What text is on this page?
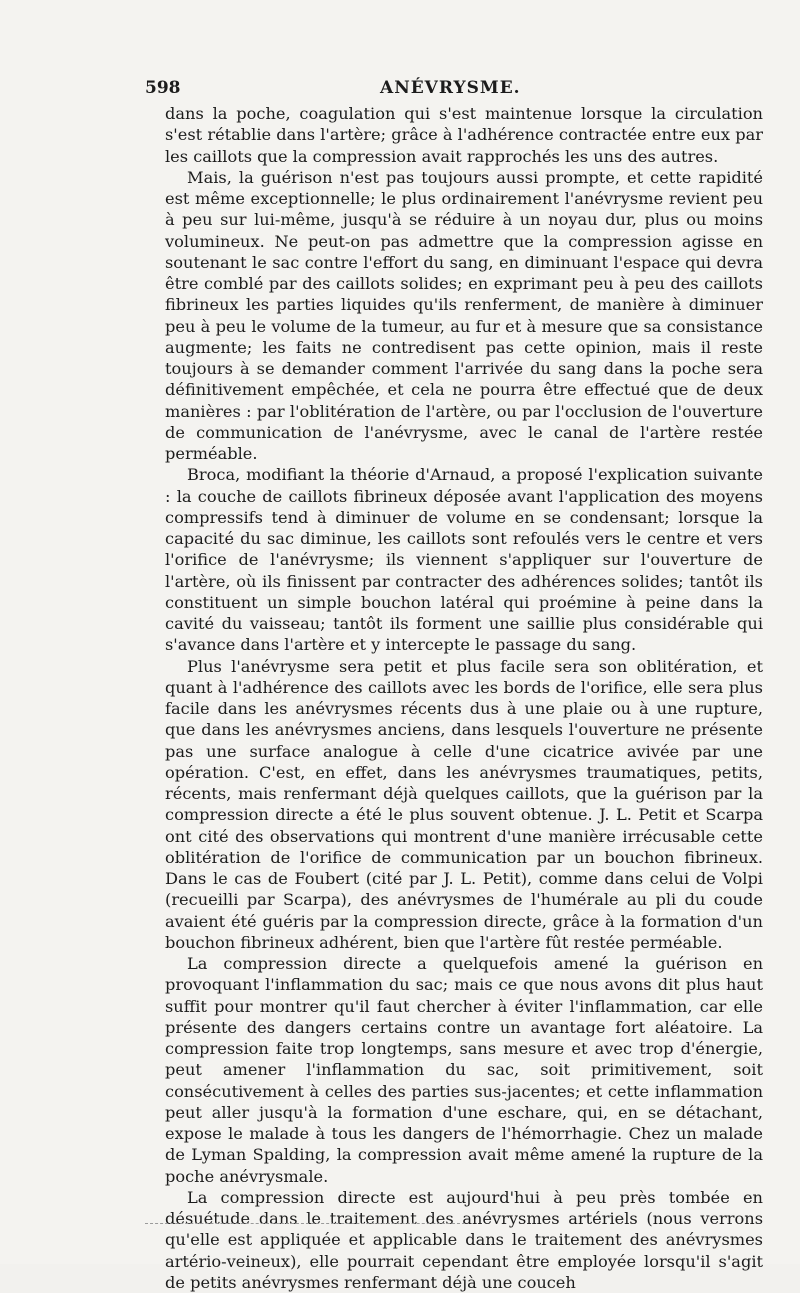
598	ANÉVRYSME.

dans la poche, coagulation qui s'est maintenue lorsque la circulation s'est rétablie dans l'artère; grâce à l'adhérence contractée entre eux par les caillots que la compression avait rapprochés les uns des autres.

Mais, la guérison n'est pas toujours aussi prompte, et cette rapidité est même exceptionnelle; le plus ordinairement l'anévrysme revient peu à peu sur lui-même, jusqu'à se réduire à un noyau dur, plus ou moins volumineux. Ne peut-on pas admettre que la compression agisse en soutenant le sac contre l'effort du sang, en diminuant l'espace qui devra être comblé par des caillots solides; en exprimant peu à peu des caillots fibrineux les parties liquides qu'ils renferment, de manière à diminuer peu à peu le volume de la tumeur, au fur et à mesure que sa consistance augmente; les faits ne contredisent pas cette opinion, mais il reste toujours à se demander comment l'arrivée du sang dans la poche sera définitivement empêchée, et cela ne pourra être effectué que de deux manières : par l'oblitération de l'artère, ou par l'occlusion de l'ouverture de communication de l'anévrysme, avec le canal de l'artère restée perméable.

Broca, modifiant la théorie d'Arnaud, a proposé l'explication suivante : la couche de caillots fibrineux déposée avant l'application des moyens compressifs tend à diminuer de volume en se condensant; lorsque la capacité du sac diminue, les caillots sont refoulés vers le centre et vers l'orifice de l'anévrysme; ils viennent s'appliquer sur l'ouverture de l'artère, où ils finissent par contracter des adhérences solides; tantôt ils constituent un simple bouchon latéral qui proémine à peine dans la cavité du vaisseau; tantôt ils forment une saillie plus considérable qui s'avance dans l'artère et y intercepte le passage du sang.

Plus l'anévrysme sera petit et plus facile sera son oblitération, et quant à l'adhérence des caillots avec les bords de l'orifice, elle sera plus facile dans les anévrysmes récents dus à une plaie ou à une rupture, que dans les anévrysmes anciens, dans lesquels l'ouverture ne présente pas une surface analogue à celle d'une cicatrice avivée par une opération. C'est, en effet, dans les anévrysmes traumatiques, petits, récents, mais renfermant déjà quelques caillots, que la guérison par la compression directe a été le plus souvent obtenue. J. L. Petit et Scarpa ont cité des observations qui montrent d'une manière irrécusable cette oblitération de l'orifice de communication par un bouchon fibrineux. Dans le cas de Foubert (cité par J. L. Petit), comme dans celui de Volpi (recueilli par Scarpa), des anévrysmes de l'humérale au pli du coude avaient été guéris par la compression directe, grâce à la formation d'un bouchon fibrineux adhérent, bien que l'artère fût restée perméable.

La compression directe a quelquefois amené la guérison en provoquant l'inflammation du sac; mais ce que nous avons dit plus haut suffit pour montrer qu'il faut chercher à éviter l'inflammation, car elle présente des dangers certains contre un avantage fort aléatoire. La compression faite trop longtemps, sans mesure et avec trop d'énergie, peut amener l'inflammation du sac, soit primitivement, soit consécutivement à celles des parties sus-jacentes; et cette inflammation peut aller jusqu'à la formation d'une eschare, qui, en se détachant, expose le malade à tous les dangers de l'hémorrhagie. Chez un malade de Lyman Spalding, la compression avait même amené la rupture de la poche anévrysmale.

La compression directe est aujourd'hui à peu près tombée en désuétude dans le traitement des anévrysmes artériels (nous verrons qu'elle est appliquée et applicable dans le traitement des anévrysmes artério-veineux), elle pourrait cependant être employée lorsqu'il s'agit de petits anévrysmes renfermant déjà une couceh
